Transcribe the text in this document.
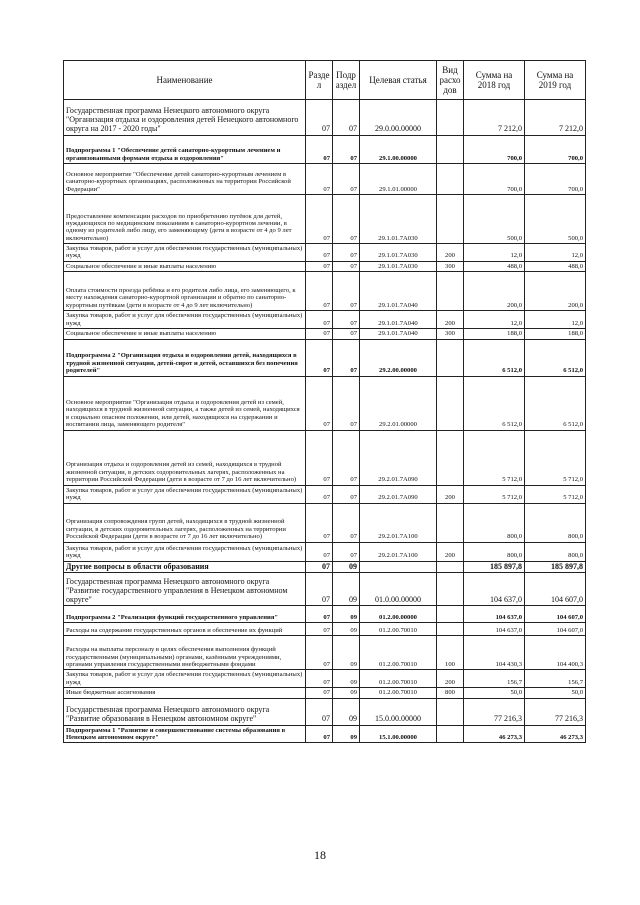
Наименование	Разде л	Подр аздел	Целевая статья	Вид расхо дов	Сумма на 2018 год	Сумма на 2019 год
Государственная программа Ненецкого автономного округа "Организация отдыха и оздоровления детей Ненецкого автономного округа на 2017 - 2020 годы"	07	07	29.0.00.00000		7 212,0	7 212,0
Подпрограмма 1 "Обеспечение детей санаторно-курортным лечением и организованными формами отдыха и оздоровления"	07	07	29.1.00.00000		700,0	700,0
Основное мероприятие "Обеспечение детей санаторно-курортным лечением в санаторно-курортных организациях, расположенных на территории Российской Федерации"	07	07	29.1.01.00000		700,0	700,0
Предоставление компенсации расходов по приобретению путёвок для детей, нуждающихся по медицинским показаниям в санаторно-курортном лечении, в одному из родителей либо лицу, его заменяющему (дети в возрасте от 4 до 9 лет включительно)	07	07	29.1.01.7A030		500,0	500,0
Закупка товаров, работ и услуг для обеспечения государственных (муниципальных) нужд	07	07	29.1.01.7A030	200	12,0	12,0
Социальное обеспечение и иные выплаты населению	07	07	29.1.01.7A030	300	488,0	488,0
Оплата стоимости проезда ребёнка и его родителя либо лица, его заменяющего, к месту нахождения санаторно-курортной организации и обратно по санаторно-курортным путёвкам (дети в возрасте от 4 до 9 лет включительно)	07	07	29.1.01.7A040		200,0	200,0
Закупка товаров, работ и услуг для обеспечения государственных (муниципальных) нужд	07	07	29.1.01.7A040	200	12,0	12,0
Социальное обеспечение и иные выплаты населению	07	07	29.1.01.7A040	300	188,0	188,0
Подпрограмма 2 "Организация отдыха и оздоровления детей, находящихся в трудной жизненной ситуации, детей-сирот и детей, оставшихся без попечения родителей"	07	07	29.2.00.00000		6 512,0	6 512,0
Основное мероприятие "Организация отдыха и оздоровления детей из семей, находящихся в трудной жизненной ситуации, а также детей из семей, находящихся в социально опасном положении, или детей, находящихся на содержании и воспитании лица, заменяющего родителя"	07	07	29.2.01.00000		6 512,0	6 512,0
Организация отдыха и оздоровления детей из семей, находящихся в трудной жизненной ситуации, в детских оздоровительных лагерях, расположенных на территории Российской Федерации (дети в возрасте от 7 до 16 лет включительно)	07	07	29.2.01.7A090		5 712,0	5 712,0
Закупка товаров, работ и услуг для обеспечения государственных (муниципальных) нужд	07	07	29.2.01.7A090	200	5 712,0	5 712,0
Организация сопровождения групп детей, находящихся в трудной жизненной ситуации, в детских оздоровительных лагерях, расположенных на территории Российской Федерации (дети в возрасте от 7 до 16 лет включительно)	07	07	29.2.01.7A100		800,0	800,0
Закупка товаров, работ и услуг для обеспечения государственных (муниципальных) нужд	07	07	29.2.01.7A100	200	800,0	800,0
Другие вопросы в области образования	07	09			185 897,8	185 897,8
Государственная программа Ненецкого автономного округа "Развитие государственного управления в Ненецком автономном округе"	07	09	01.0.00.00000		104 637,0	104 607,0
Подпрограмма 2 "Реализация функций государственного управления"	07	09	01.2.00.00000		104 637,0	104 607,0
Расходы на содержание государственных органов и обеспечение их функций	07	09	01.2.00.70010		104 637,0	104 607,0
Расходы на выплаты персоналу в целях обеспечения выполнения функций государственными (муниципальными) органами, казёнными учреждениями, органами управления государственными внебюджетными фондами	07	09	01.2.00.70010	100	104 430,3	104 400,3
Закупка товаров, работ и услуг для обеспечения государственных (муниципальных) нужд	07	09	01.2.00.70010	200	156,7	156,7
Иные бюджетные ассигнования	07	09	01.2.00.70010	800	50,0	50,0
Государственная программа Ненецкого автономного округа "Развитие образования в Ненецком автономном округе"	07	09	15.0.00.00000		77 216,3	77 216,3
Подпрограмма 1 "Развитие и совершенствование системы образования в Ненецком автономном округе"	07	09	15.1.00.00000		46 273,3	46 273,3
18
